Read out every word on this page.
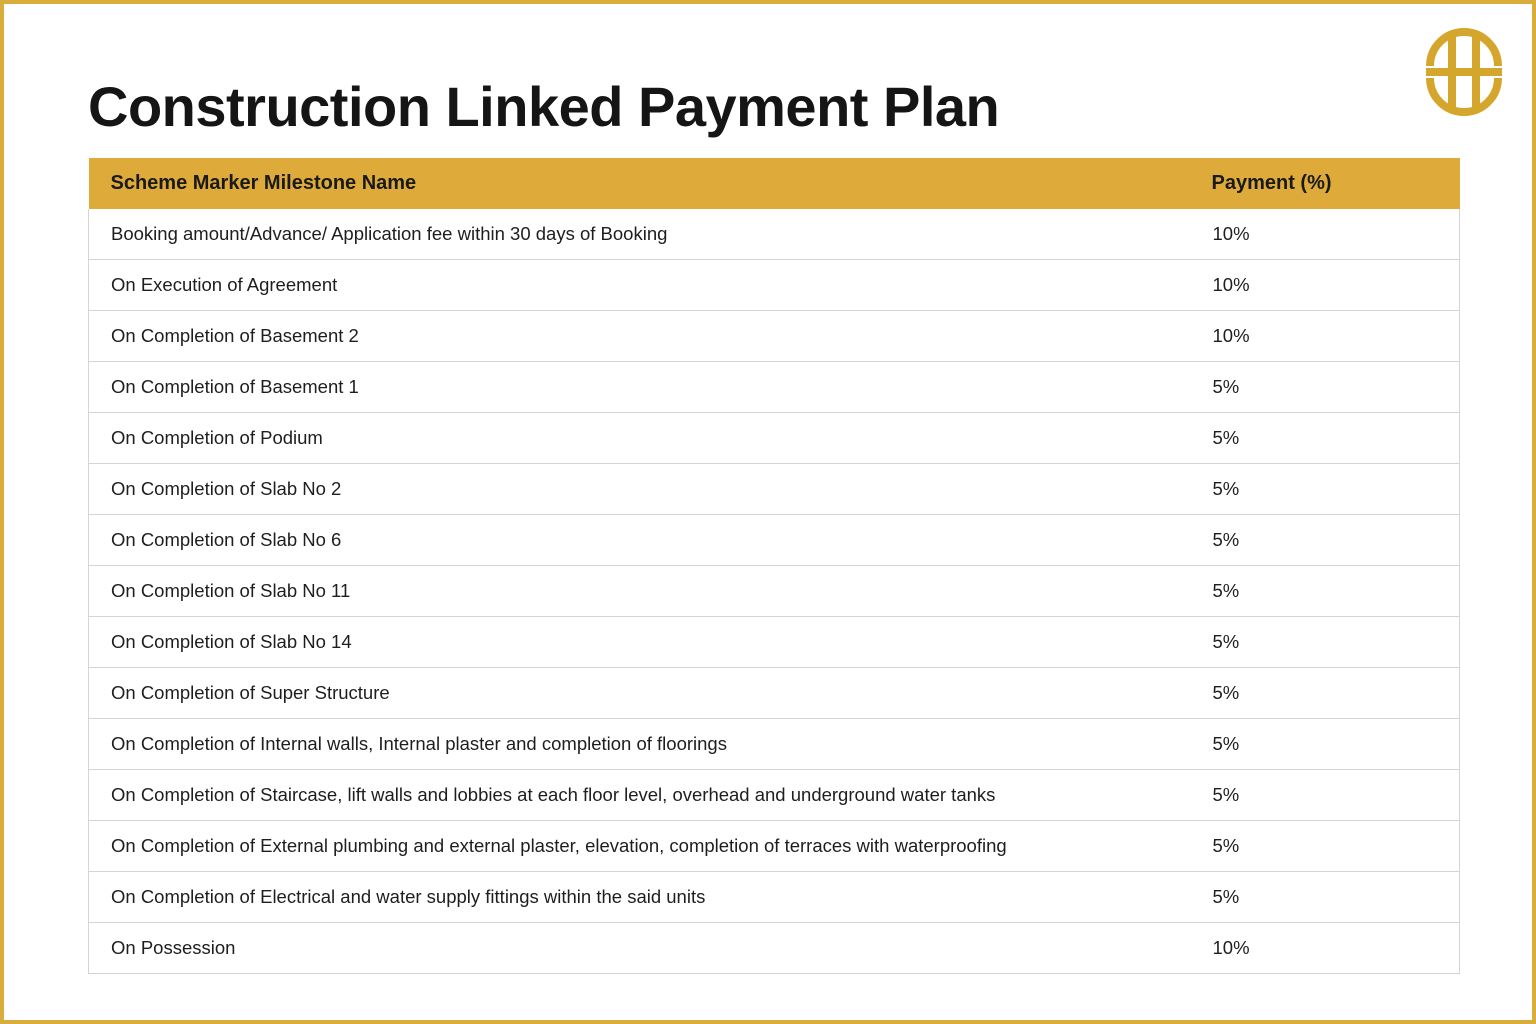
Construction Linked Payment Plan
Scheme Marker Milestone Name	Payment (%)
Booking amount/Advance/ Application fee within 30 days of Booking	10%
On Execution of Agreement	10%
On Completion of Basement 2	10%
On Completion of Basement 1	5%
On Completion of Podium	5%
On Completion of Slab No 2	5%
On Completion of Slab No 6	5%
On Completion of Slab No 11	5%
On Completion of Slab No 14	5%
On Completion of Super Structure	5%
On Completion of Internal walls, Internal plaster and completion of floorings	5%
On Completion of Staircase, lift walls and lobbies at each floor level, overhead and underground water tanks	5%
On Completion of External plumbing and external plaster, elevation, completion of terraces with waterproofing	5%
On Completion of Electrical and water supply fittings within the said units	5%
On Possession	10%
